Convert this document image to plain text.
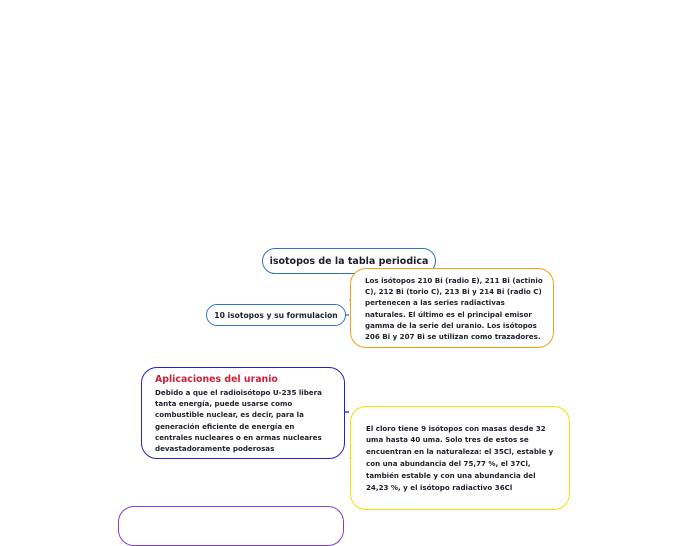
isotopos de la tabla periodica
10 isotopos y su formulacion
Los isótopos 210 Bi (radio E), 211 Bi (actinio C), 212 Bi (torio C), 213 Bi y 214 Bi (radio C) pertenecen a las series radiactivas naturales. El último es el principal emisor gamma de la serie del uranio. Los isótopos 206 Bi y 207 Bi se utilizan como trazadores.
Aplicaciones del uranio
Debido a que el radioisótopo U-235 libera tanta energía, puede usarse como combustible nuclear, es decir, para la generación eficiente de energía en centrales nucleares o en armas nucleares devastadoramente poderosas
El cloro tiene 9 isótopos con masas desde 32 uma hasta 40 uma. Solo tres de estos se encuentran en la naturaleza: el 35Cl, estable y con una abundancia del 75,77 %, el 37Cl, también estable y con una abundancia del 24,23 %, y el isótopo radiactivo 36Cl
